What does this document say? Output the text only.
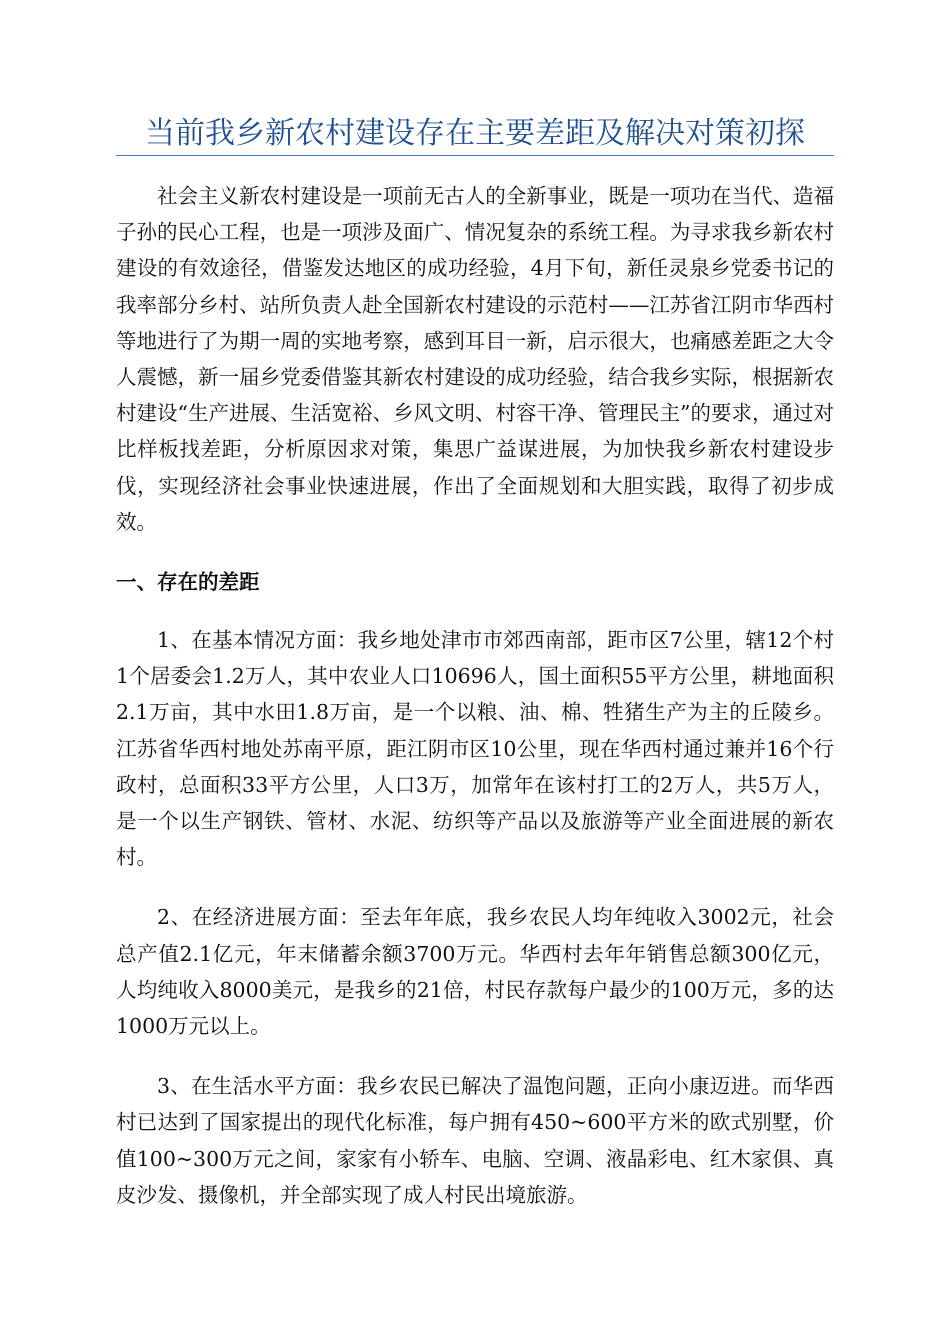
当前我乡新农村建设存在主要差距及解决对策初探

社会主义新农村建设是一项前无古人的全新事业，既是一项功在当代、造福子孙的民心工程，也是一项涉及面广、情况复杂的系统工程。为寻求我乡新农村建设的有效途径，借鉴发达地区的成功经验，4月下旬，新任灵泉乡党委书记的我率部分乡村、站所负责人赴全国新农村建设的示范村——江苏省江阴市华西村等地进行了为期一周的实地考察，感到耳目一新，启示很大，也痛感差距之大令人震憾，新一届乡党委借鉴其新农村建设的成功经验，结合我乡实际，根据新农村建设“生产进展、生活宽裕、乡风文明、村容干净、管理民主”的要求，通过对比样板找差距，分析原因求对策，集思广益谋进展，为加快我乡新农村建设步伐，实现经济社会事业快速进展，作出了全面规划和大胆实践，取得了初步成效。

一、存在的差距

1、在基本情况方面：我乡地处津市市郊西南部，距市区7公里，辖12个村1个居委会1.2万人，其中农业人口10696人，国土面积55平方公里，耕地面积2.1万亩，其中水田1.8万亩，是一个以粮、油、棉、牲猪生产为主的丘陵乡。江苏省华西村地处苏南平原，距江阴市区10公里，现在华西村通过兼并16个行政村，总面积33平方公里，人口3万，加常年在该村打工的2万人，共5万人，是一个以生产钢铁、管材、水泥、纺织等产品以及旅游等产业全面进展的新农村。

2、在经济进展方面：至去年年底，我乡农民人均年纯收入3002元，社会总产值2.1亿元，年末储蓄余额3700万元。华西村去年年销售总额300亿元，人均纯收入8000美元，是我乡的21倍，村民存款每户最少的100万元，多的达1000万元以上。

3、在生活水平方面：我乡农民已解决了温饱问题，正向小康迈进。而华西村已达到了国家提出的现代化标准，每户拥有450~600平方米的欧式别墅，价值100~300万元之间，家家有小轿车、电脑、空调、液晶彩电、红木家俱、真皮沙发、摄像机，并全部实现了成人村民出境旅游。
